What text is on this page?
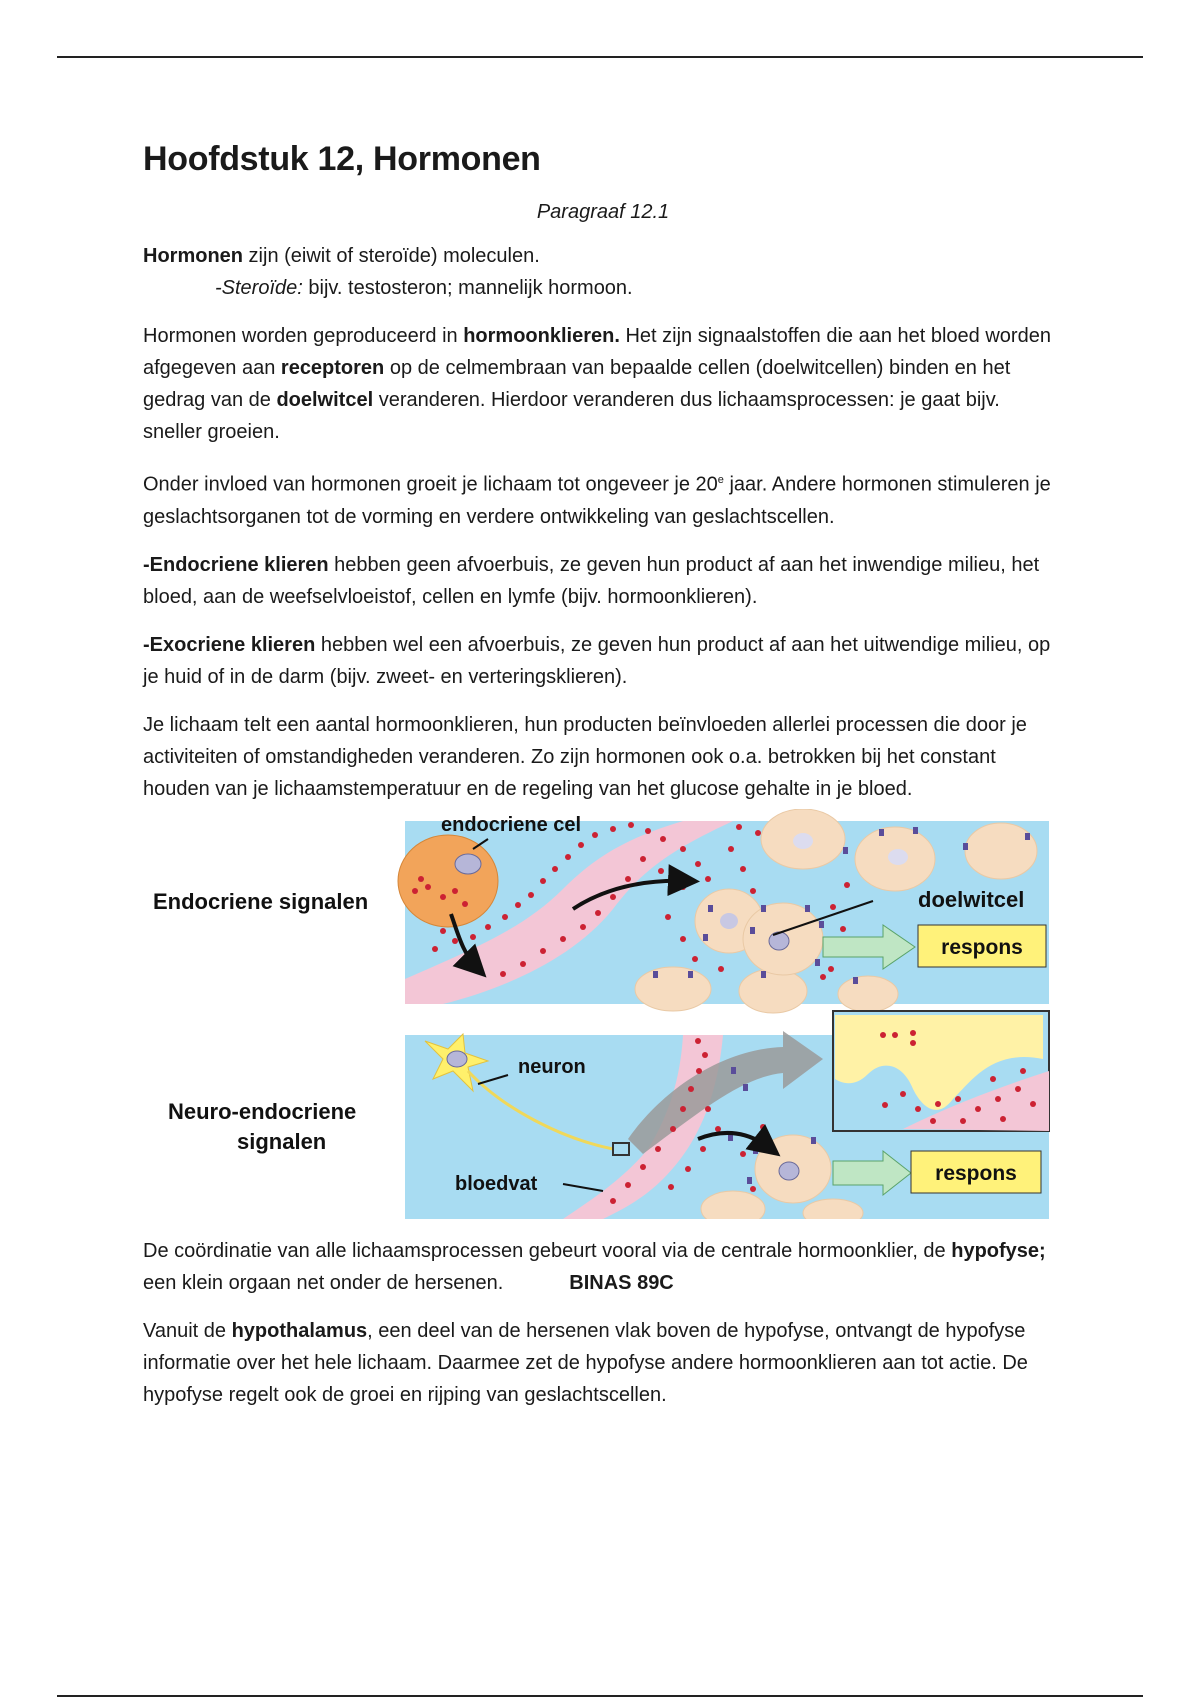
Hoofdstuk 12, Hormonen
Paragraaf 12.1

Hormonen zijn (eiwit of steroïde) moleculen.

-Steroïde: bijv. testosteron; mannelijk hormoon.

Hormonen worden geproduceerd in hormoonklieren. Het zijn signaalstoffen die aan het bloed worden afgegeven aan receptoren op de celmembraan van bepaalde cellen (doelwitcellen) binden en het gedrag van de doelwitcel veranderen. Hierdoor veranderen dus lichaamsprocessen: je gaat bijv. sneller groeien.

Onder invloed van hormonen groeit je lichaam tot ongeveer je 20e jaar. Andere hormonen stimuleren je geslachtsorganen tot de vorming en verdere ontwikkeling van geslachtscellen.

-Endocriene klieren hebben geen afvoerbuis, ze geven hun product af aan het inwendige milieu, het bloed, aan de weefselvloeistof, cellen en lymfe (bijv. hormoonklieren).

-Exocriene klieren hebben wel een afvoerbuis, ze geven hun product af aan het uitwendige milieu, op je huid of in de darm (bijv. zweet- en verteringsklieren).

Je lichaam telt een aantal hormoonklieren, hun producten beïnvloeden allerlei processen die door je activiteiten of omstandigheden veranderen. Zo zijn hormonen ook o.a. betrokken bij het constant houden van je lichaamstemperatuur en de regeling van het glucose gehalte in je bloed.

Endocriene signalen
Neuro-endocriene
signalen
endocriene cel
doelwitcel
respons
neuron
bloedvat	respons

De coördinatie van alle lichaamsprocessen gebeurt vooral via de centrale hormoonklier, de hypofyse; een klein orgaan net onder de hersenen.	BINAS 89C

Vanuit de hypothalamus, een deel van de hersenen vlak boven de hypofyse, ontvangt de hypofyse informatie over het hele lichaam. Daarmee zet de hypofyse andere hormoonklieren aan tot actie. De hypofyse regelt ook de groei en rijping van geslachtscellen.
